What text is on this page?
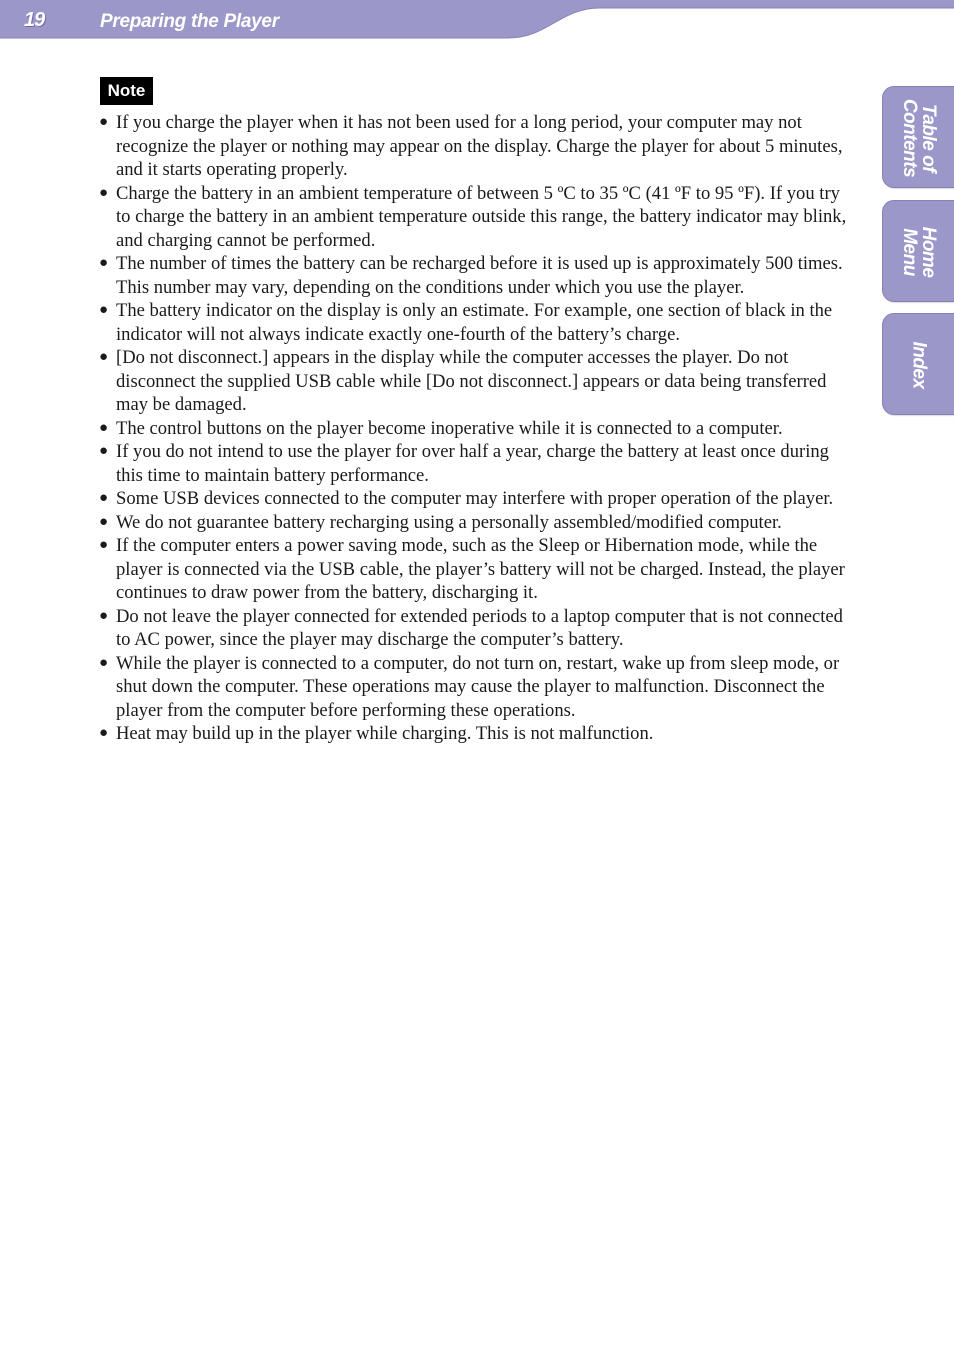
19	Preparing the Player
Table of
Contents
Home
Menu
Index
Note
● If you charge the player when it has not been used for a long period, your computer may not recognize the player or nothing may appear on the display. Charge the player for about 5 minutes, and it starts operating properly.
● Charge the battery in an ambient temperature of between 5 ºC to 35 ºC (41 ºF to 95 ºF). If you try to charge the battery in an ambient temperature outside this range, the battery indicator may blink, and charging cannot be performed.
● The number of times the battery can be recharged before it is used up is approximately 500 times. This number may vary, depending on the conditions under which you use the player.
● The battery indicator on the display is only an estimate. For example, one section of black in the indicator will not always indicate exactly one-fourth of the battery’s charge.
● [Do not disconnect.] appears in the display while the computer accesses the player. Do not disconnect the supplied USB cable while [Do not disconnect.] appears or data being transferred may be damaged.
● The control buttons on the player become inoperative while it is connected to a computer.
● If you do not intend to use the player for over half a year, charge the battery at least once during this time to maintain battery performance.
● Some USB devices connected to the computer may interfere with proper operation of the player.
● We do not guarantee battery recharging using a personally assembled/modified computer.
● If the computer enters a power saving mode, such as the Sleep or Hibernation mode, while the player is connected via the USB cable, the player’s battery will not be charged. Instead, the player continues to draw power from the battery, discharging it.
● Do not leave the player connected for extended periods to a laptop computer that is not connected to AC power, since the player may discharge the computer’s battery.
● While the player is connected to a computer, do not turn on, restart, wake up from sleep mode, or shut down the computer. These operations may cause the player to malfunction. Disconnect the player from the computer before performing these operations.
● Heat may build up in the player while charging. This is not malfunction.
